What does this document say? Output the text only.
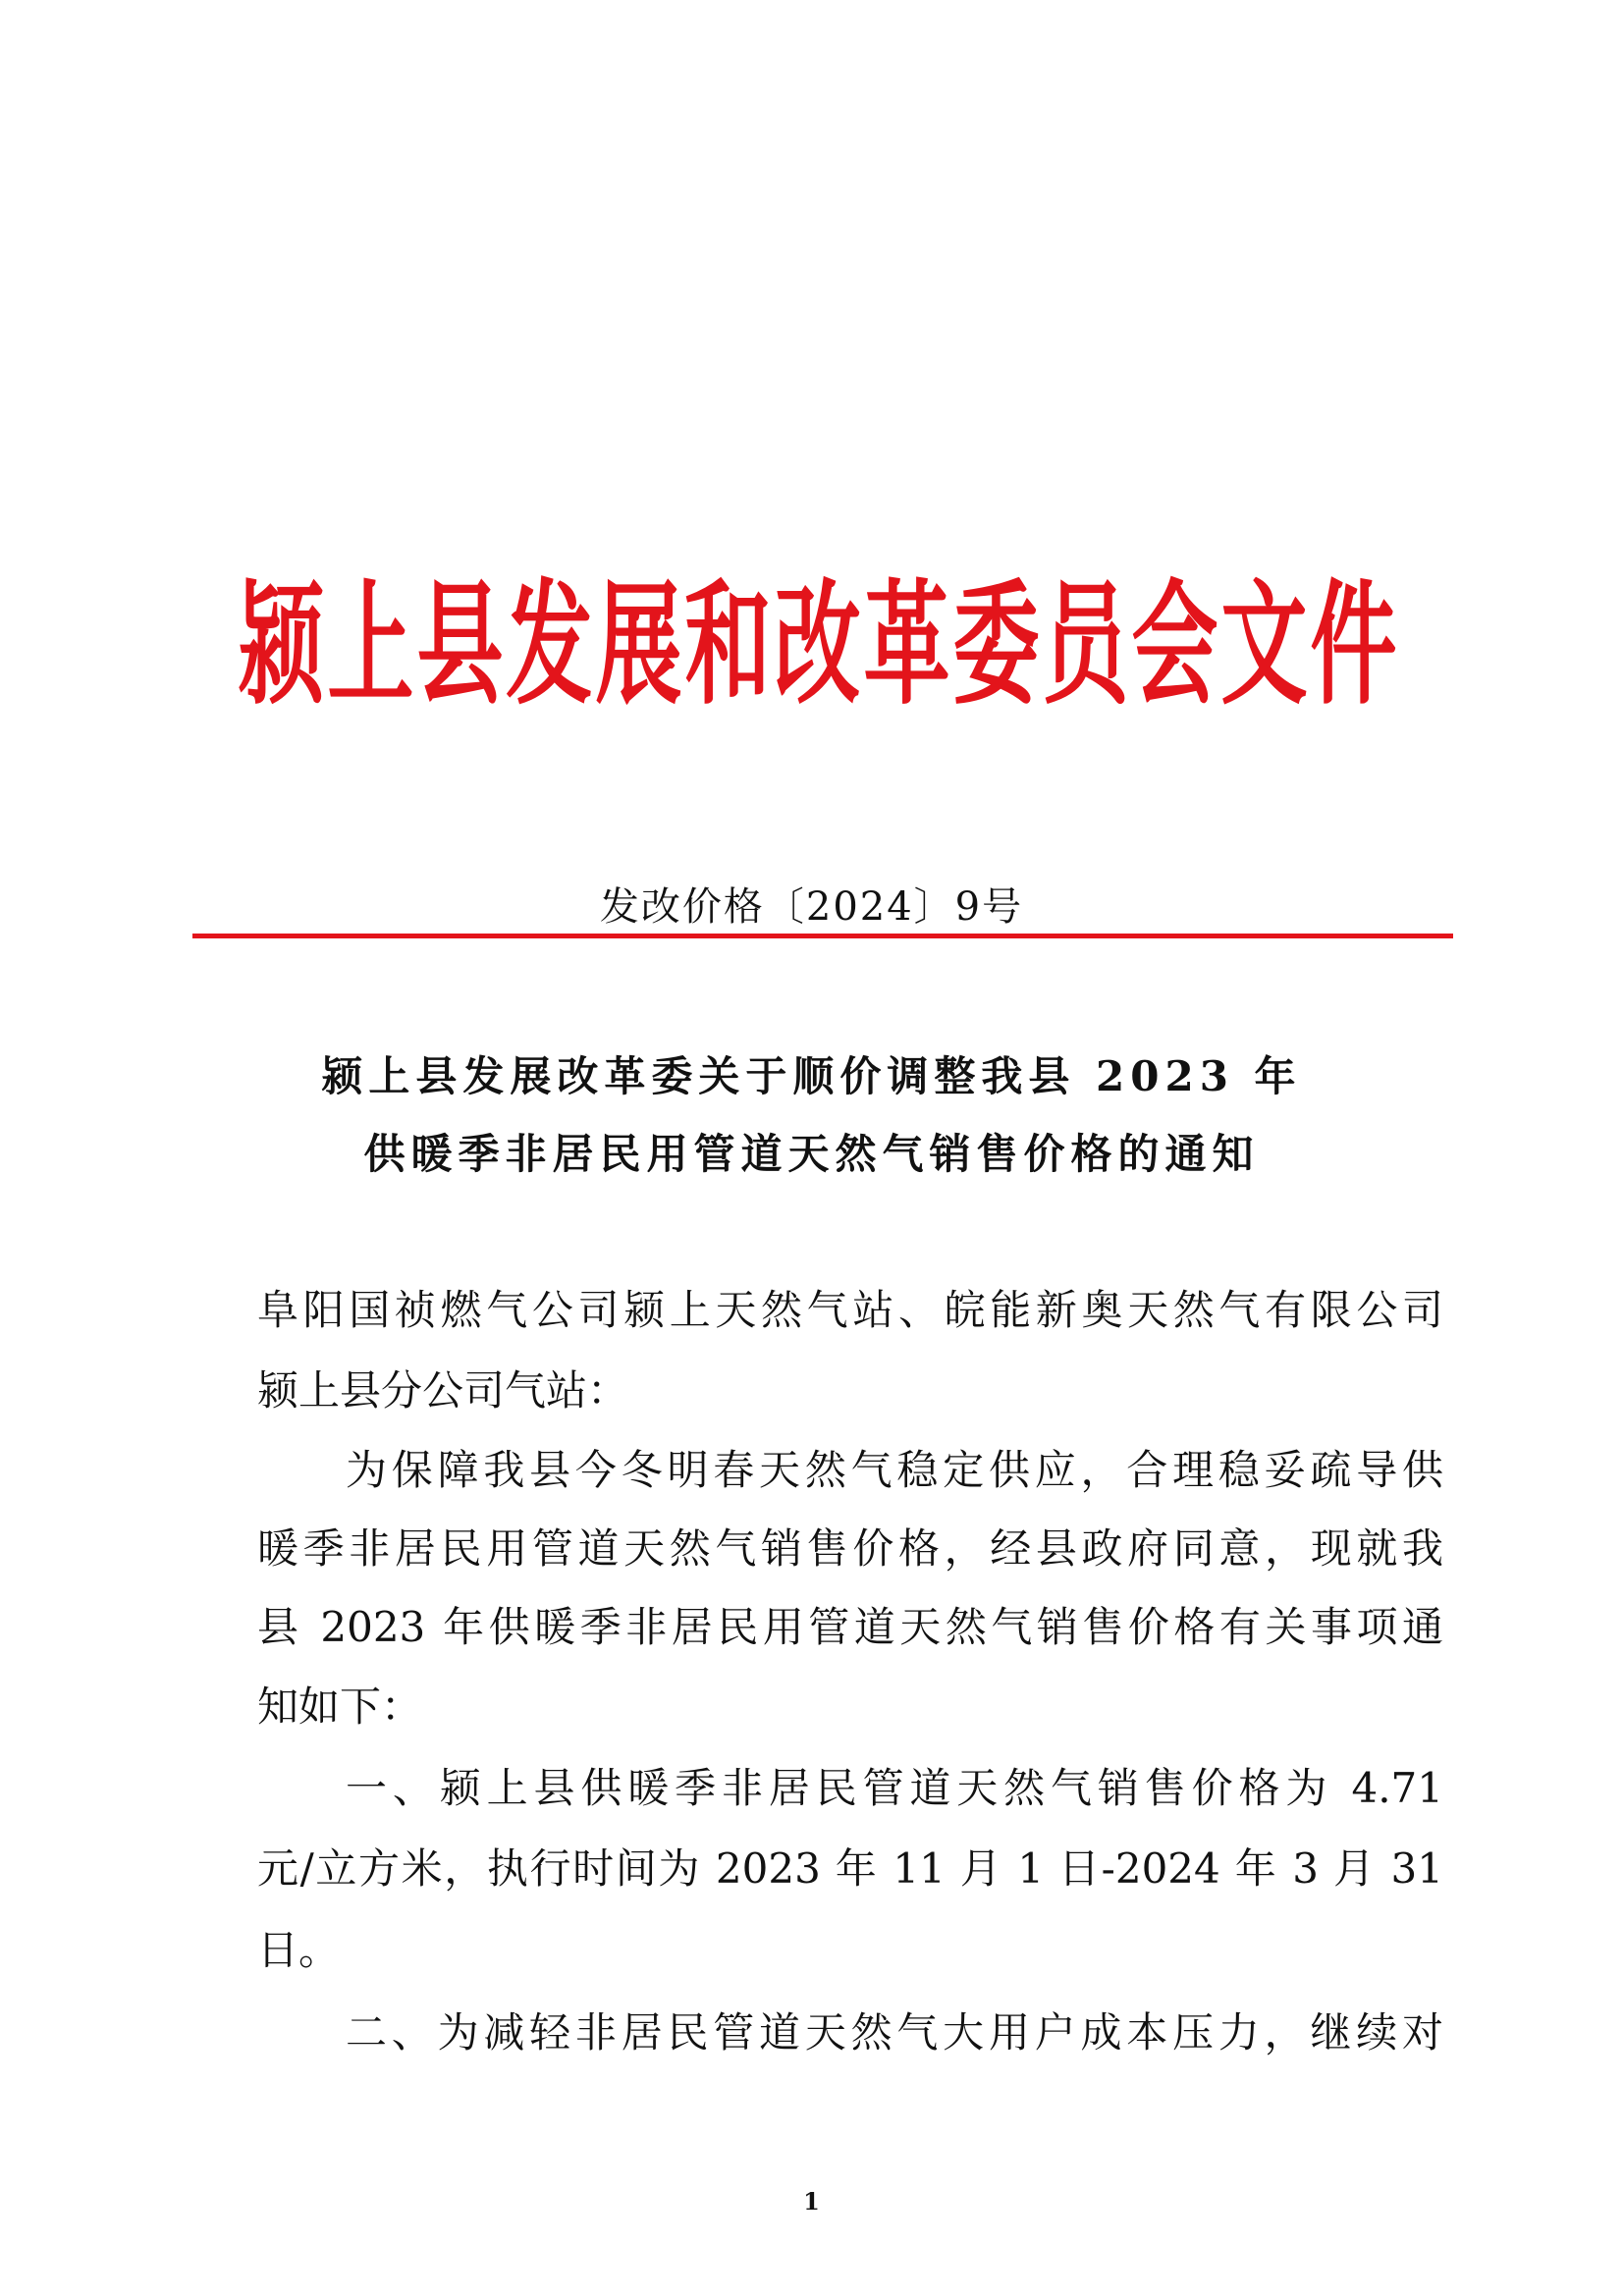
颍上县发展和改革委员会文件
发改价格〔2024〕9号
颍上县发展改革委关于顺价调整我县 2023 年
供暖季非居民用管道天然气销售价格的通知
阜阳国祯燃气公司颍上天然气站、皖能新奥天然气有限公司
颍上县分公司气站：
为保障我县今冬明春天然气稳定供应，合理稳妥疏导供
暖季非居民用管道天然气销售价格，经县政府同意，现就我
县 2023 年供暖季非居民用管道天然气销售价格有关事项通
知如下：
一、颍上县供暖季非居民管道天然气销售价格为 4.71
元/立方米，执行时间为 2023 年 11 月 1 日-2024 年 3 月 31
日。
二、为减轻非居民管道天然气大用户成本压力，继续对
1
